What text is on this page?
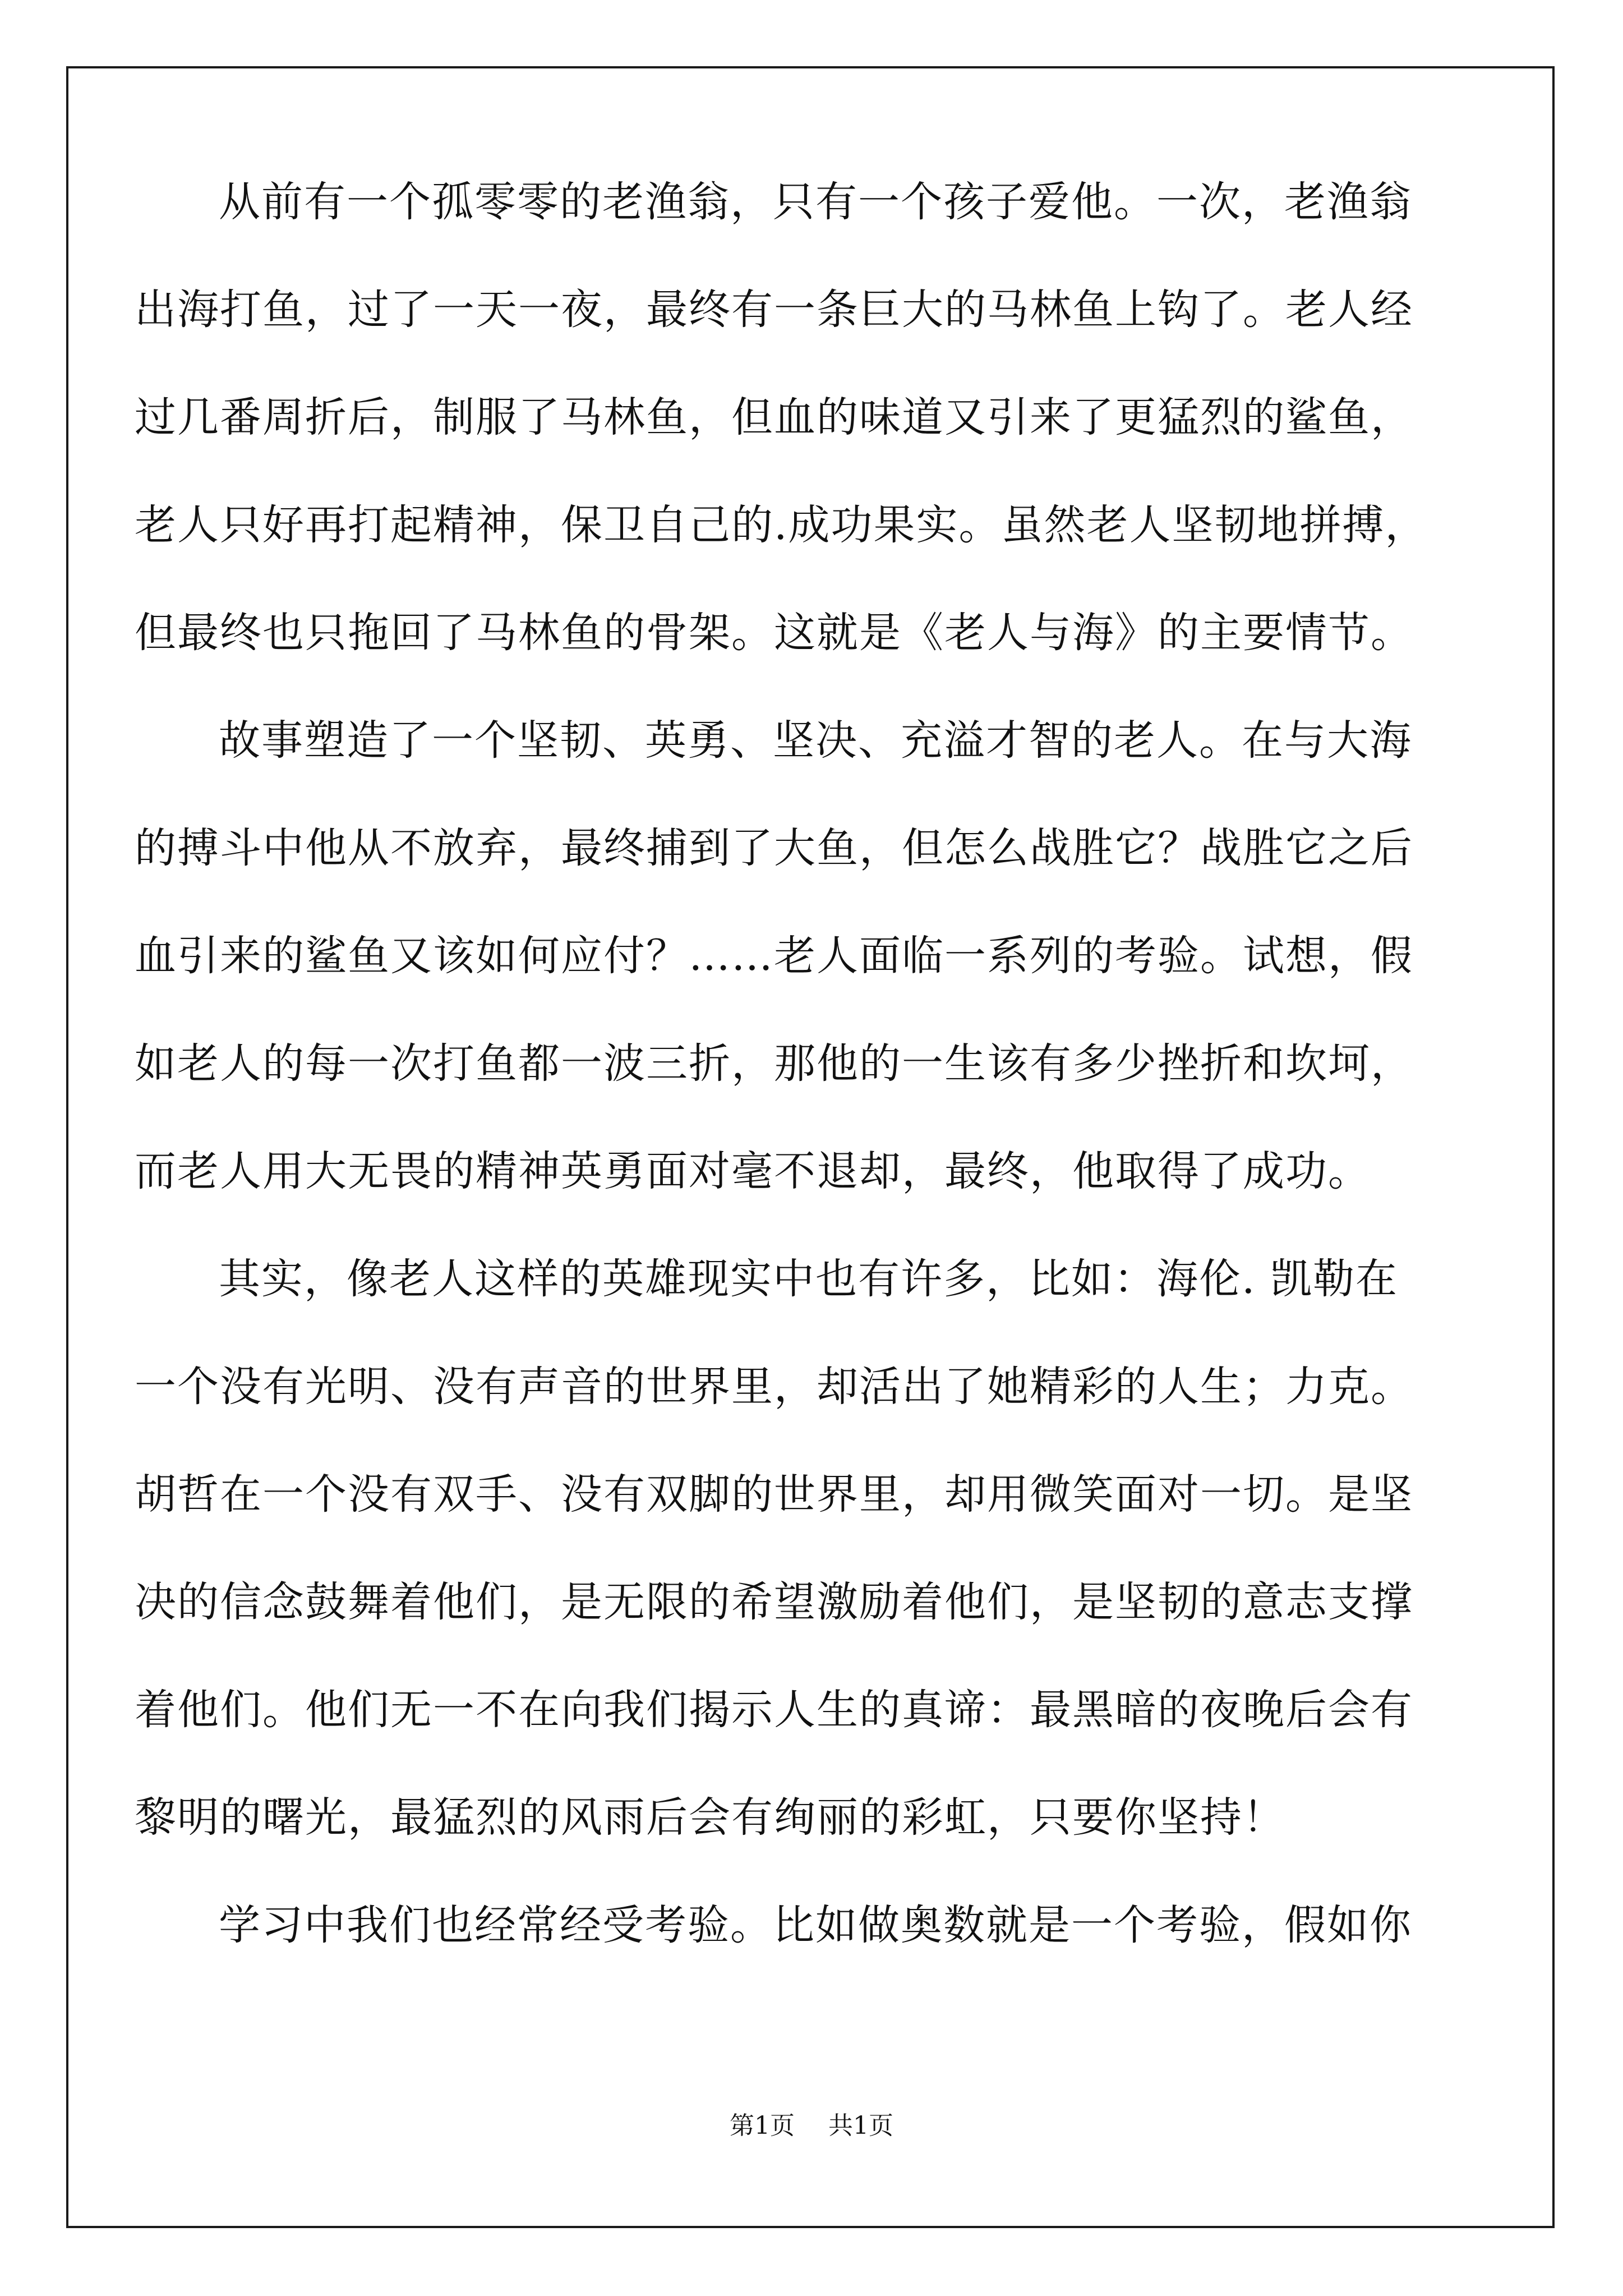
从前有一个孤零零的老渔翁，只有一个孩子爱他。一次，老渔翁
出海打鱼，过了一天一夜，最终有一条巨大的马林鱼上钩了。老人经
过几番周折后，制服了马林鱼，但血的味道又引来了更猛烈的鲨鱼，
老人只好再打起精神，保卫自己的.成功果实。虽然老人坚韧地拼搏，
但最终也只拖回了马林鱼的骨架。这就是《老人与海》的主要情节。
故事塑造了一个坚韧、英勇、坚决、充溢才智的老人。在与大海
的搏斗中他从不放弃，最终捕到了大鱼，但怎么战胜它？战胜它之后
血引来的鲨鱼又该如何应付？……老人面临一系列的考验。试想，假
如老人的每一次打鱼都一波三折，那他的一生该有多少挫折和坎坷，
而老人用大无畏的精神英勇面对毫不退却，最终，他取得了成功。
其实，像老人这样的英雄现实中也有许多，比如：海伦. 凯勒在
一个没有光明、没有声音的世界里，却活出了她精彩的人生；力克。
胡哲在一个没有双手、没有双脚的世界里，却用微笑面对一切。是坚
决的信念鼓舞着他们，是无限的希望激励着他们，是坚韧的意志支撑
着他们。他们无一不在向我们揭示人生的真谛：最黑暗的夜晚后会有
黎明的曙光，最猛烈的风雨后会有绚丽的彩虹，只要你坚持！
学习中我们也经常经受考验。比如做奥数就是一个考验，假如你
第1页 共1页
